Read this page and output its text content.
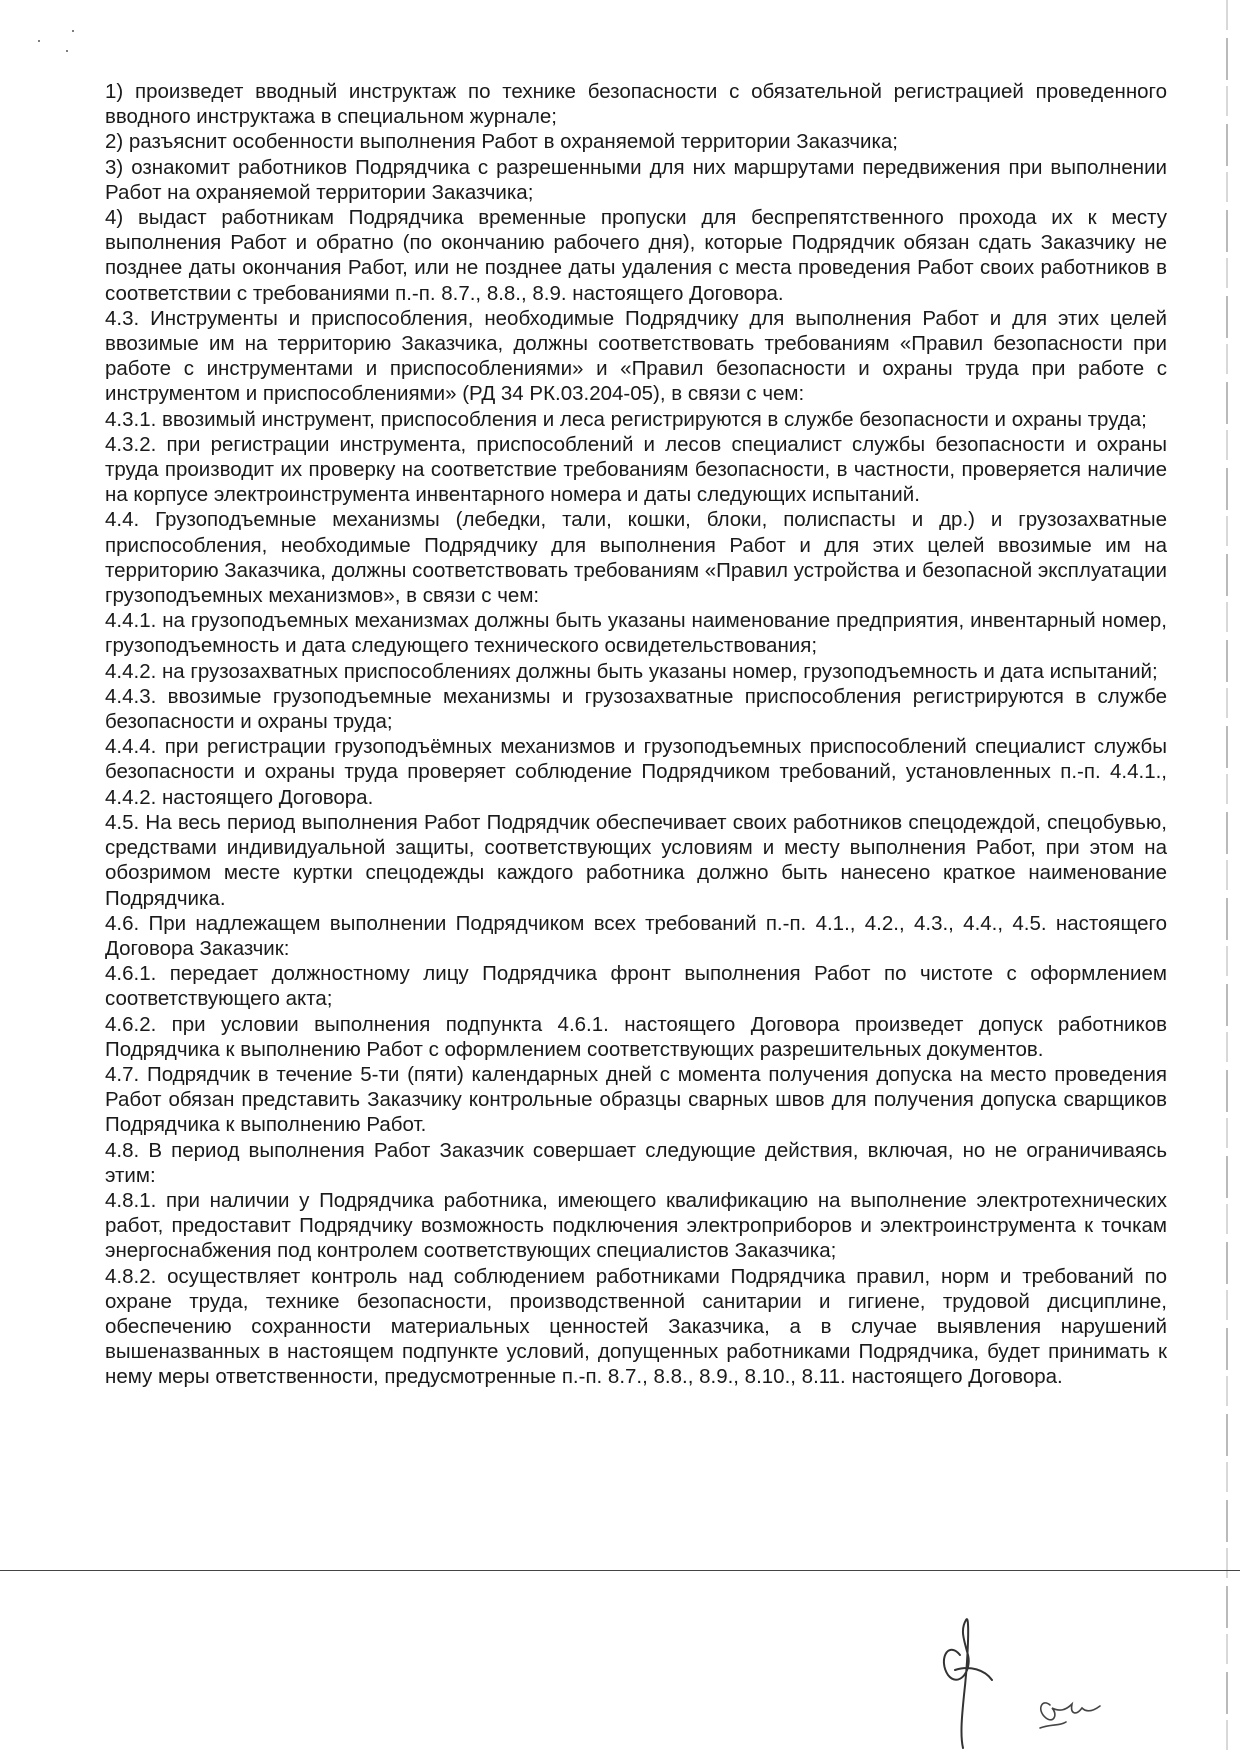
1) произведет вводный инструктаж по технике безопасности с обязательной регистрацией проведенного вводного инструктажа в специальном журнале;

2) разъяснит особенности выполнения Работ в охраняемой территории Заказчика;

3) ознакомит работников Подрядчика с разрешенными для них маршрутами передвижения при выполнении Работ на охраняемой территории Заказчика;

4) выдаст работникам Подрядчика временные пропуски для беспрепятственного прохода их к месту выполнения Работ и обратно (по окончанию рабочего дня), которые Подрядчик обязан сдать Заказчику не позднее даты окончания Работ, или не позднее даты удаления с места проведения Работ своих работников в соответствии с требованиями п.-п. 8.7., 8.8., 8.9. настоящего Договора.

4.3. Инструменты и приспособления, необходимые Подрядчику для выполнения Работ и для этих целей ввозимые им на территорию Заказчика, должны соответствовать требованиям «Правил безопасности при работе с инструментами и приспособлениями» и «Правил безопасности и охраны труда при работе с инструментом и приспособлениями» (РД 34 РК.03.204-05), в связи с чем:

4.3.1. ввозимый инструмент, приспособления и леса регистрируются в службе безопасности и охраны труда;

4.3.2. при регистрации инструмента, приспособлений и лесов специалист службы безопасности и охраны труда производит их проверку на соответствие требованиям безопасности, в частности, проверяется наличие на корпусе электроинструмента инвентарного номера и даты следующих испытаний.

4.4. Грузоподъемные механизмы (лебедки, тали, кошки, блоки, полиспасты и др.) и грузозахватные приспособления, необходимые Подрядчику для выполнения Работ и для этих целей ввозимые им на территорию Заказчика, должны соответствовать требованиям «Правил устройства и безопасной эксплуатации грузоподъемных механизмов», в связи с чем:

4.4.1. на грузоподъемных механизмах должны быть указаны наименование предприятия, инвентарный номер, грузоподъемность и дата следующего технического освидетельствования;

4.4.2. на грузозахватных приспособлениях должны быть указаны номер, грузоподъемность и дата испытаний;

4.4.3. ввозимые грузоподъемные механизмы и грузозахватные приспособления регистрируются в службе безопасности и охраны труда;

4.4.4. при регистрации грузоподъёмных механизмов и грузоподъемных приспособлений специалист службы безопасности и охраны труда проверяет соблюдение Подрядчиком требований, установленных п.-п. 4.4.1., 4.4.2. настоящего Договора.

4.5. На весь период выполнения Работ Подрядчик обеспечивает своих работников спецодеждой, спецобувью, средствами индивидуальной защиты, соответствующих условиям и месту выполнения Работ, при этом на обозримом месте куртки спецодежды каждого работника должно быть нанесено краткое наименование Подрядчика.

4.6. При надлежащем выполнении Подрядчиком всех требований п.-п. 4.1., 4.2., 4.3., 4.4., 4.5. настоящего Договора Заказчик:

4.6.1. передает должностному лицу Подрядчика фронт выполнения Работ по чистоте с оформлением соответствующего акта;

4.6.2. при условии выполнения подпункта 4.6.1. настоящего Договора произведет допуск работников Подрядчика к выполнению Работ с оформлением соответствующих разрешительных документов.

4.7. Подрядчик в течение 5-ти (пяти) календарных дней с момента получения допуска на место проведения Работ обязан представить Заказчику контрольные образцы сварных швов для получения допуска сварщиков Подрядчика к выполнению Работ.

4.8. В период выполнения Работ Заказчик совершает следующие действия, включая, но не ограничиваясь этим:

4.8.1. при наличии у Подрядчика работника, имеющего квалификацию на выполнение электротехнических работ, предоставит Подрядчику возможность подключения электроприборов и электроинструмента к точкам энергоснабжения под контролем соответствующих специалистов Заказчика;

4.8.2. осуществляет контроль над соблюдением работниками Подрядчика правил, норм и требований по охране труда, технике безопасности, производственной санитарии и гигиене, трудовой дисциплине, обеспечению сохранности материальных ценностей Заказчика, а в случае выявления нарушений вышеназванных в настоящем подпункте условий, допущенных работниками Подрядчика, будет принимать к нему меры ответственности, предусмотренные п.-п. 8.7., 8.8., 8.9., 8.10., 8.11. настоящего Договора.
